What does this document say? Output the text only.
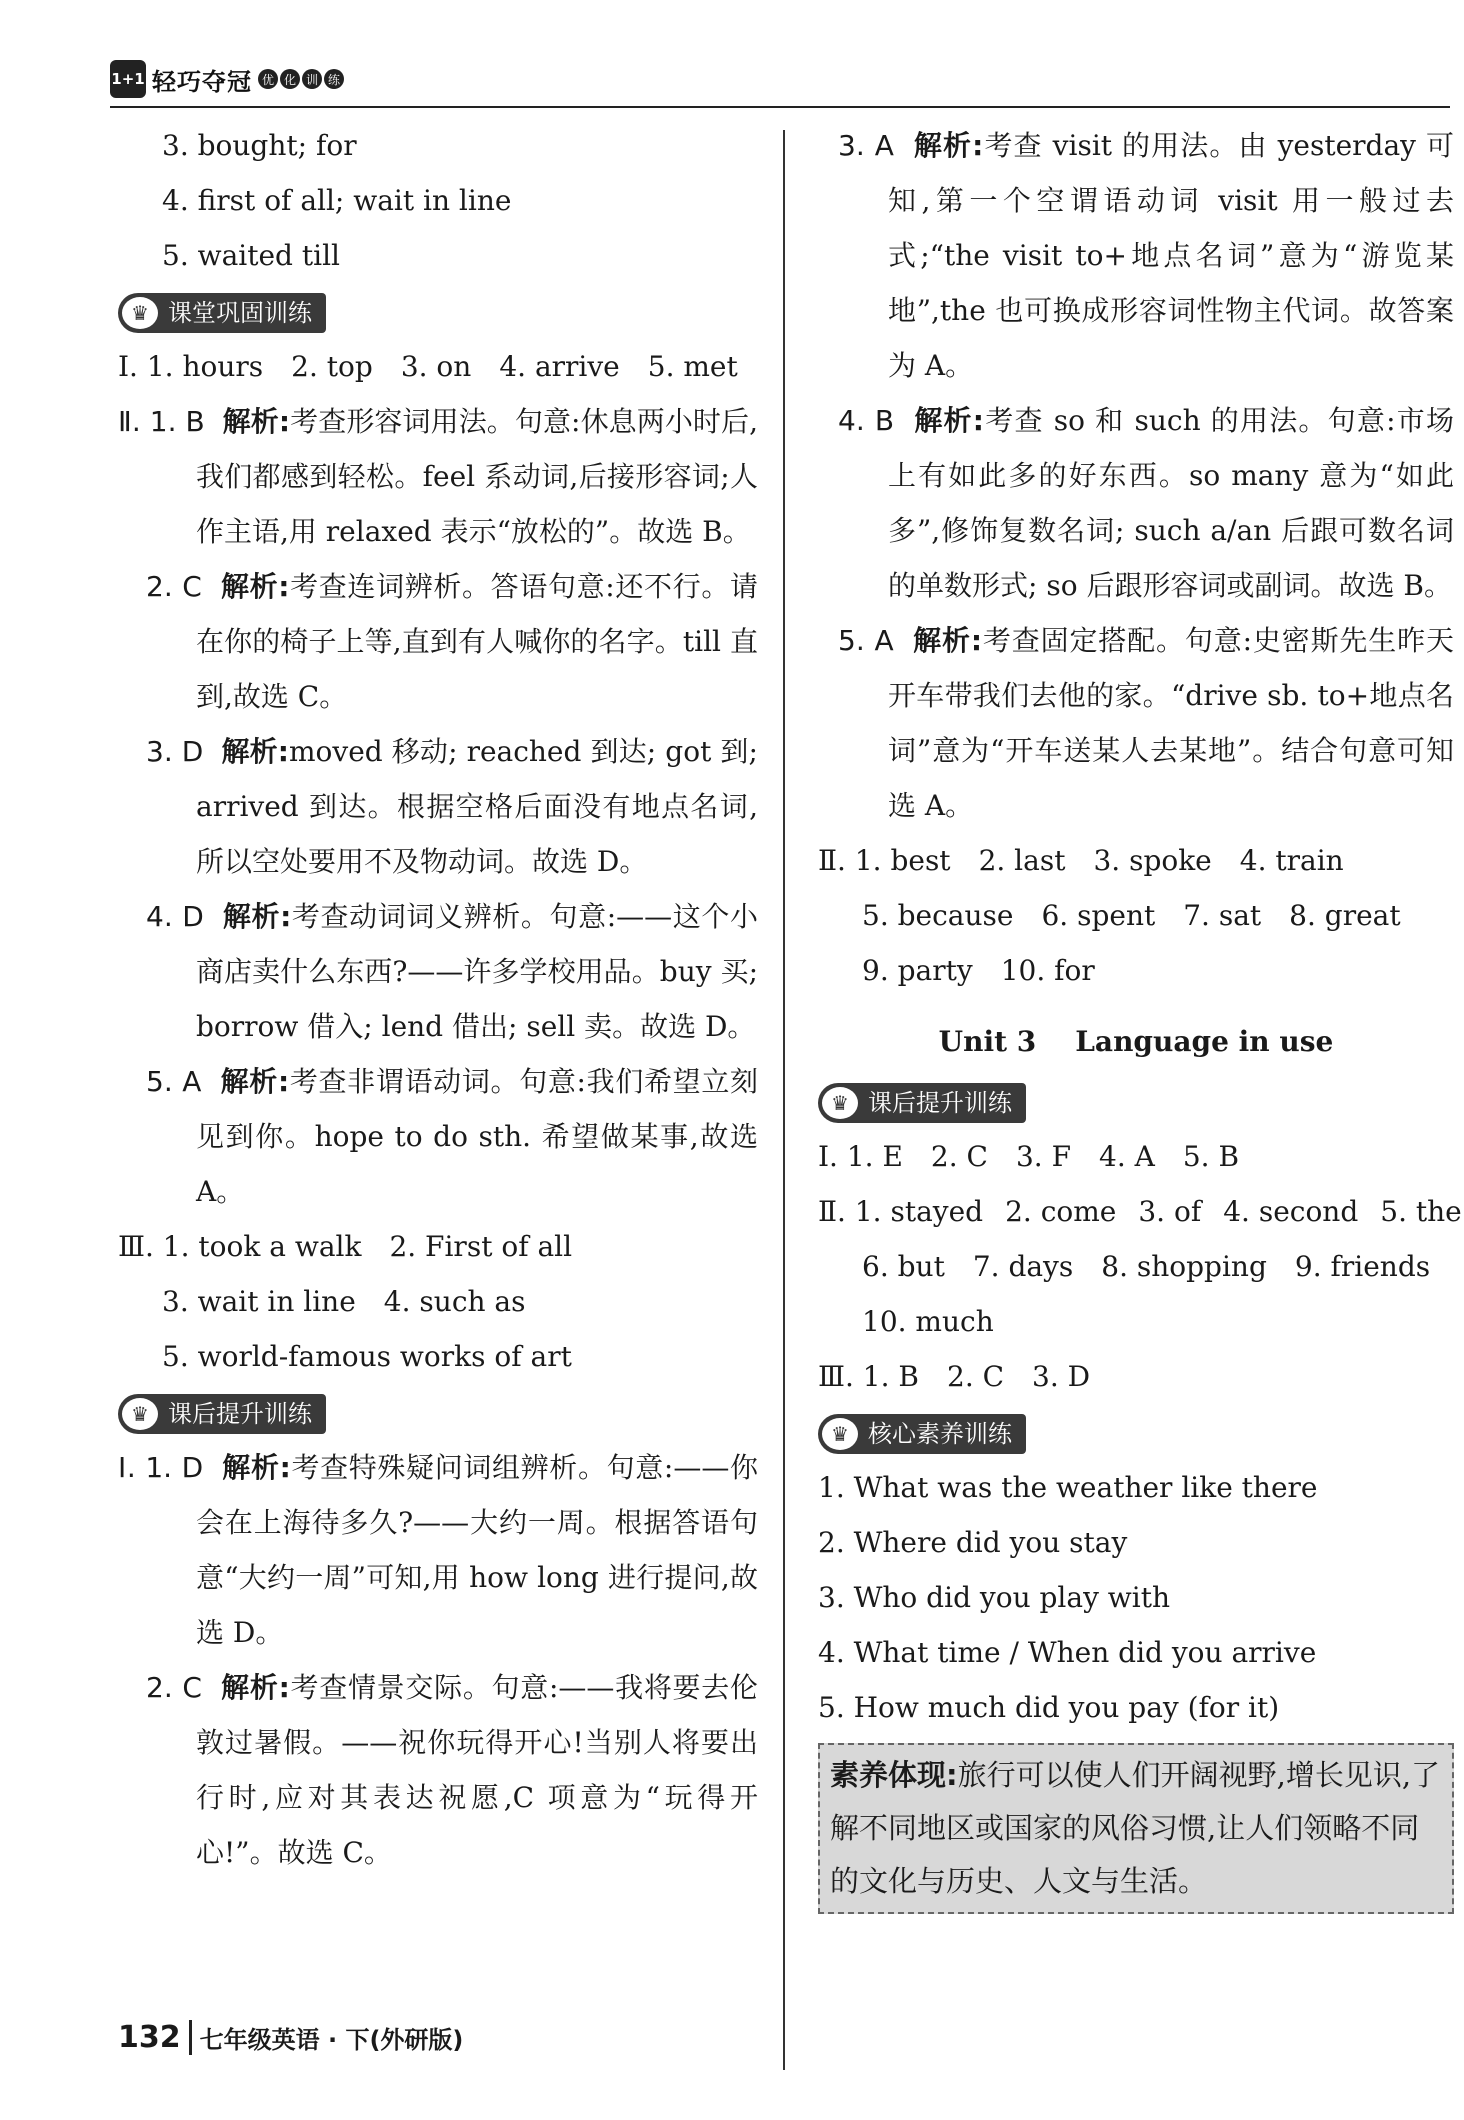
1+1 轻巧夺冠 优 化 训 练
3. bought; for
4. first of all; wait in line
5. waited till
♛ 课堂巩固训练
Ⅰ. 1. hours 2. top 3. on 4. arrive 5. met
Ⅱ. 1. B 解析:考查形容词用法。句意:休息两小时后,我们都感到轻松。feel 系动词,后接形容词;人作主语,用 relaxed 表示“放松的”。故选 B。
2. C 解析:考查连词辨析。答语句意:还不行。请在你的椅子上等,直到有人喊你的名字。till 直到,故选 C。
3. D 解析:moved 移动; reached 到达; got 到; arrived 到达。根据空格后面没有地点名词,所以空处要用不及物动词。故选 D。
4. D 解析:考查动词词义辨析。句意:——这个小商店卖什么东西?——许多学校用品。buy 买; borrow 借入; lend 借出; sell 卖。故选 D。
5. A 解析:考查非谓语动词。句意:我们希望立刻见到你。hope to do sth. 希望做某事,故选 A。
Ⅲ. 1. took a walk 2. First of all
3. wait in line 4. such as
5. world-famous works of art
♛ 课后提升训练
Ⅰ. 1. D 解析:考查特殊疑问词组辨析。句意:——你会在上海待多久?——大约一周。根据答语句意“大约一周”可知,用 how long 进行提问,故选 D。
2. C 解析:考查情景交际。句意:——我将要去伦敦过暑假。——祝你玩得开心!当别人将要出行时,应对其表达祝愿,C 项意为“玩得开心!”。故选 C。
3. A 解析:考查 visit 的用法。由 yesterday 可知,第一个空谓语动词 visit 用一般过去式;“the visit to+地点名词”意为“游览某地”,the 也可换成形容词性物主代词。故答案为 A。
4. B 解析:考查 so 和 such 的用法。句意:市场上有如此多的好东西。so many 意为“如此多”,修饰复数名词; such a/an 后跟可数名词的单数形式; so 后跟形容词或副词。故选 B。
5. A 解析:考查固定搭配。句意:史密斯先生昨天开车带我们去他的家。“drive sb. to+地点名词”意为“开车送某人去某地”。结合句意可知选 A。
Ⅱ. 1. best 2. last 3. spoke 4. train
5. because 6. spent 7. sat 8. great
9. party 10. for
Unit 3    Language in use
♛ 课后提升训练
Ⅰ. 1. E 2. C 3. F 4. A 5. B
Ⅱ. 1. stayed 2. come 3. of 4. second 5. the
6. but 7. days 8. shopping 9. friends
10. much
Ⅲ. 1. B 2. C 3. D
♛ 核心素养训练
1. What was the weather like there
2. Where did you stay
3. Who did you play with
4. What time / When did you arrive
5. How much did you pay (for it)
素养体现:旅行可以使人们开阔视野,增长见识,了解不同地区或国家的风俗习惯,让人们领略不同的文化与历史、人文与生活。
132 七年级英语 · 下(外研版)
